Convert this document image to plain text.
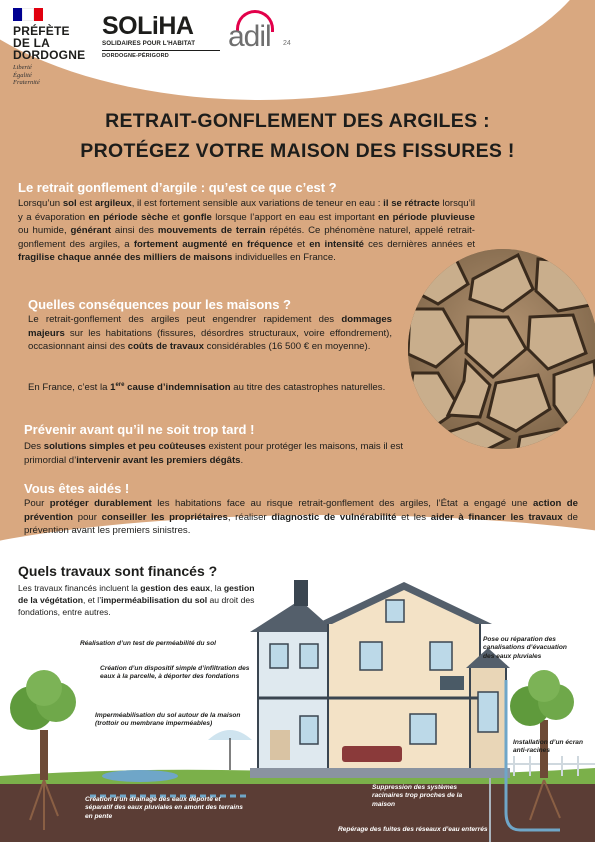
PRÉFÈTE
DE LA
DORDOGNE
Liberté
Égalité
Fraternité
SOLiHA
SOLIDAIRES POUR L'HABITAT
DORDOGNE-PÉRIGORD
adil 24
RETRAIT-GONFLEMENT DES ARGILES :
PROTÉGEZ VOTRE MAISON DES FISSURES !
Le retrait gonflement d’argile : qu’est ce que c’est ?
Lorsqu’un sol est argileux, il est fortement sensible aux variations de teneur en eau : il se rétracte lorsqu’il y a évaporation en période sèche et gonfle lorsque l’apport en eau est important en période pluvieuse ou humide, générant ainsi des mouvements de terrain répétés. Ce phénomène naturel, appelé retrait-gonflement des argiles, a fortement augmenté en fréquence et en intensité ces dernières années et fragilise chaque année des milliers de maisons individuelles en France.
Quelles conséquences pour les maisons ?
Le retrait-gonflement des argiles peut engendrer rapidement des dommages majeurs sur les habitations (fissures, désordres structuraux, voire effondrement), occasionnant ainsi des coûts de travaux considérables (16 500 € en moyenne).
En France, c’est la 1ere cause d’indemnisation au titre des catastrophes naturelles.
Prévenir avant qu’il ne soit trop tard !
Des solutions simples et peu coûteuses existent pour protéger les maisons, mais il est primordial d’intervenir avant les premiers dégâts.
Vous êtes aidés !
Pour protéger durablement les habitations face au risque retrait-gonflement des argiles, l’État a engagé une action de prévention pour conseiller les propriétaires, réaliser diagnostic de vulnérabilité et les aider à financer les travaux de prévention avant les premiers sinistres.
Quels travaux sont financés ?
Les travaux financés incluent la gestion des eaux, la gestion de la végétation, et l’imperméabilisation du sol au droit des fondations, entre autres.
Réalisation d’un test de perméabilité du sol
Création d’un dispositif simple d’infiltration des eaux à la parcelle, à déporter des fondations
Imperméabilisation du sol autour de la maison (trottoir ou membrane imperméables)
Création d’un drainage des eaux déporté et séparatif des eaux pluviales en amont des terrains en pente
Suppression des systèmes racinaires trop proches de la maison
Repérage des fuites des réseaux d’eau enterrés
Pose ou réparation des canalisations d’évacuation des eaux pluviales
Installation d’un écran anti-racines
